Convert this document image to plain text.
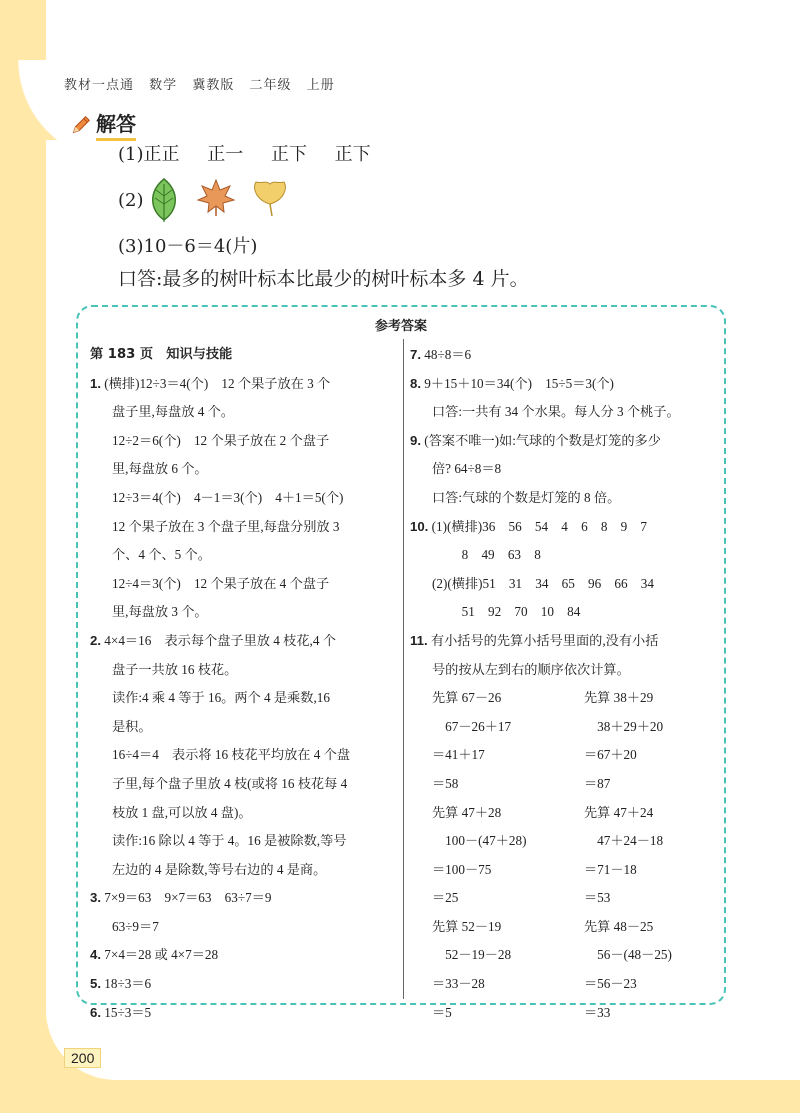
教材一点通 数学 冀教版 二年级 上册
解答
(1)正正 正一 正下 正下
(2)
(3)10－6＝4(片)
口答:最多的树叶标本比最少的树叶标本多 4 片。
参考答案
第 183 页　知识与技能
1. (横排)12÷3＝4(个)　12 个果子放在 3 个
盘子里,每盘放 4 个。
12÷2＝6(个)　12 个果子放在 2 个盘子
里,每盘放 6 个。
12÷3＝4(个)　4－1＝3(个)　4＋1＝5(个)
12 个果子放在 3 个盘子里,每盘分别放 3
个、4 个、5 个。
12÷4＝3(个)　12 个果子放在 4 个盘子
里,每盘放 3 个。
2. 4×4＝16　表示每个盘子里放 4 枝花,4 个
盘子一共放 16 枝花。
读作:4 乘 4 等于 16。两个 4 是乘数,16
是积。
16÷4＝4　表示将 16 枝花平均放在 4 个盘
子里,每个盘子里放 4 枝(或将 16 枝花每 4
枝放 1 盘,可以放 4 盘)。
读作:16 除以 4 等于 4。16 是被除数,等号
左边的 4 是除数,等号右边的 4 是商。
3. 7×9＝63　9×7＝63　63÷7＝9
63÷9＝7
4. 7×4＝28 或 4×7＝28
5. 18÷3＝6
6. 15÷3＝5
7. 48÷8＝6
8. 9＋15＋10＝34(个)　15÷5＝3(个)
口答:一共有 34 个水果。每人分 3 个桃子。
9. (答案不唯一)如:气球的个数是灯笼的多少
倍? 64÷8＝8
口答:气球的个数是灯笼的 8 倍。
10. (1)(横排)36　56　54　4　6　8　9　7
　　 8　49　63　8
(2)(横排)51　31　34　65　96　66　34
　　 51　92　70　10　84
11. 有小括号的先算小括号里面的,没有小括
号的按从左到右的顺序依次计算。
先算 67－26	先算 38＋29
　67－26＋17	　38＋29＋20
＝41＋17	＝67＋20
＝58	＝87
先算 47＋28	先算 47＋24
　100－(47＋28)	　47＋24－18
＝100－75	＝71－18
＝25	＝53
先算 52－19	先算 48－25
　52－19－28	　56－(48－25)
＝33－28	＝56－23
＝5	＝33
200
